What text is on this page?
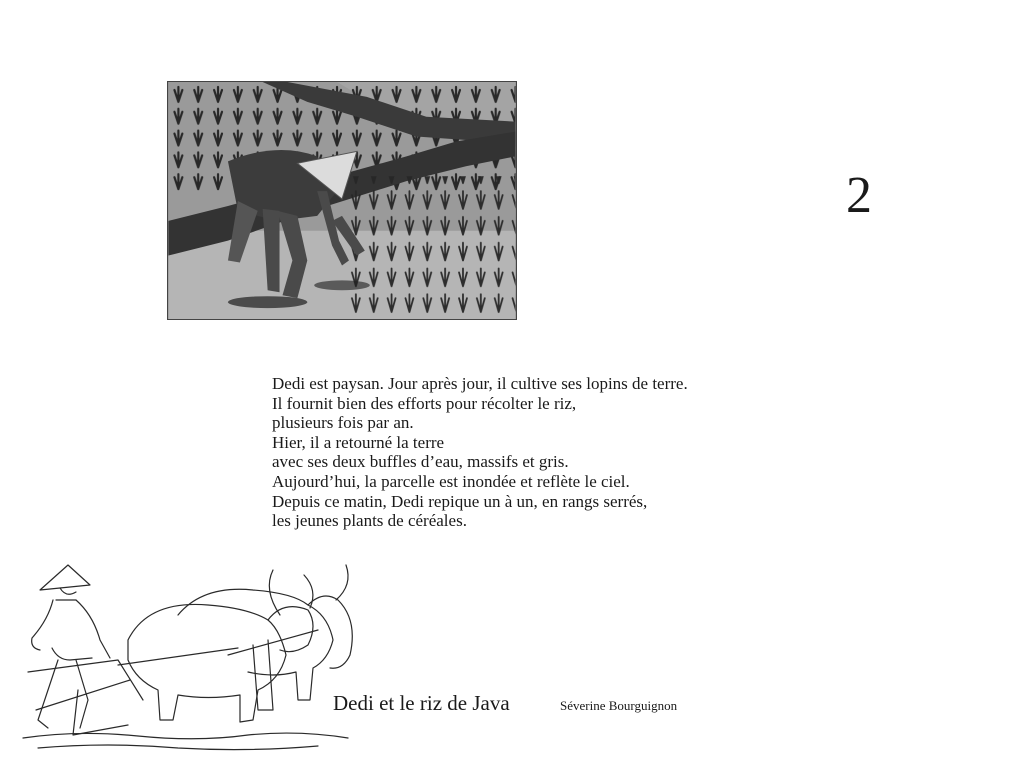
2
Dedi est paysan. Jour après jour, il cultive ses lopins de terre.
Il fournit bien des efforts pour récolter le riz,
plusieurs fois par an.
Hier, il a retourné la terre
avec ses deux buffles d’eau, massifs et gris.
Aujourd’hui, la parcelle est inondée et reflète le ciel.
Depuis ce matin, Dedi repique un à un, en rangs serrés,
les jeunes plants de céréales.
Dedi et le riz de Java	Séverine Bourguignon
